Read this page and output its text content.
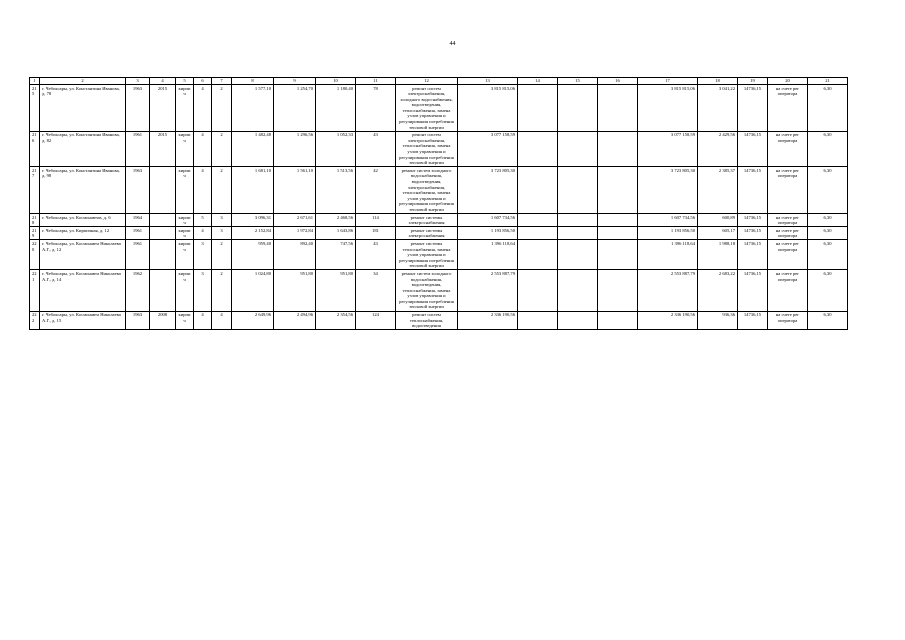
44
1	2	3	4	5	6	7	8	9	10	11	12	13	14	15	16	17	18	19	20	21
215	г. Чебоксары, ул. Константина Иванова, д. 78	1963	2015	кирпич	4	2	1 577,10	1 254,70	1 180,40	78	ремонт систем электроснабжения, холодного водоснабжения, водоотведения, теплоснабжения, замена узлов управления и регулирования потребления тепловой энергии	3 815 815,06				3 815 815,06	3 041,22	14736,15	на счете рег оператора	6,30
216	г. Чебоксары, ул. Константина Иванова, д. 82	1961	2015	кирпич	4	2	1 482,48	1 296,56	1 052,33	43	ремонт систем электроснабжения, теплоснабжения, замена узлов управления и регулирования потребления тепловой энергии	3 077 158,59				3 077 158,59	2 429,56	14736,15	на счете рег оператора	6,30
217	г. Чебоксары, ул. Константина Иванова, д. 98	1963		кирпич	4	2	1 681,10	1 561,10	1 513,56	42	ремонт систем холодного водоснабжения, водоотведения, электроснабжения, теплоснабжения, замена узлов управления и регулирования потребления тепловой энергии	3 723 805,30				3 723 805,30	2 385,37	14736,15	на счете рег оператора	6,30
218	г. Чебоксары, ул. Космонавтов, д. 6	1964		кирпич	5	3	3 096,31	2 671,61	2 468,56	114	ремонт системы электроснабжения	1 607 734,56				1 607 734,56	600,89	14736,15	на счете рег оператора	6,30
219	г. Чебоксары, ул. Кирпичная, д. 12	1961		кирпич	4	3	2 152,84	1 972,84	1 643,86	181	ремонт системы электроснабжения	1 193 856,50				1 193 856,50	605,17	14736,15	на счете рег оператора	6,30
220	г. Чебоксары, ул. Космонавта Николаева А.Г., д. 12	1961		кирпич	3	2	959,40	892,40	747,56	43	ремонт системы теплоснабжения, замена узлов управления и регулирования потребления тепловой энергии	1 396 118,64				1 396 118,64	1 988,18	14736,15	на счете рег оператора	6,30
221	г. Чебоксары, ул. Космонавта Николаева А.Г., д. 14	1962		кирпич	3	2	1 024,80	951,80	951,80	34	ремонт систем холодного водоснабжения, водоотведения, теплоснабжения, замена узлов управления и регулирования потребления тепловой энергии	2 553 887,79				2 553 887,79	2 683,22	14736,15	на счете рег оператора	6,30
222	г. Чебоксары, ул. Космонавта Николаева А.Г., д. 15	1963	2008	кирпич	4	4	2 649,96	2 494,96	2 354,56	124	ремонт систем теплоснабжения, водоотведения	2 336 190,56				2 336 190,56	936,36	14736,15	на счете рег оператора	6,30
